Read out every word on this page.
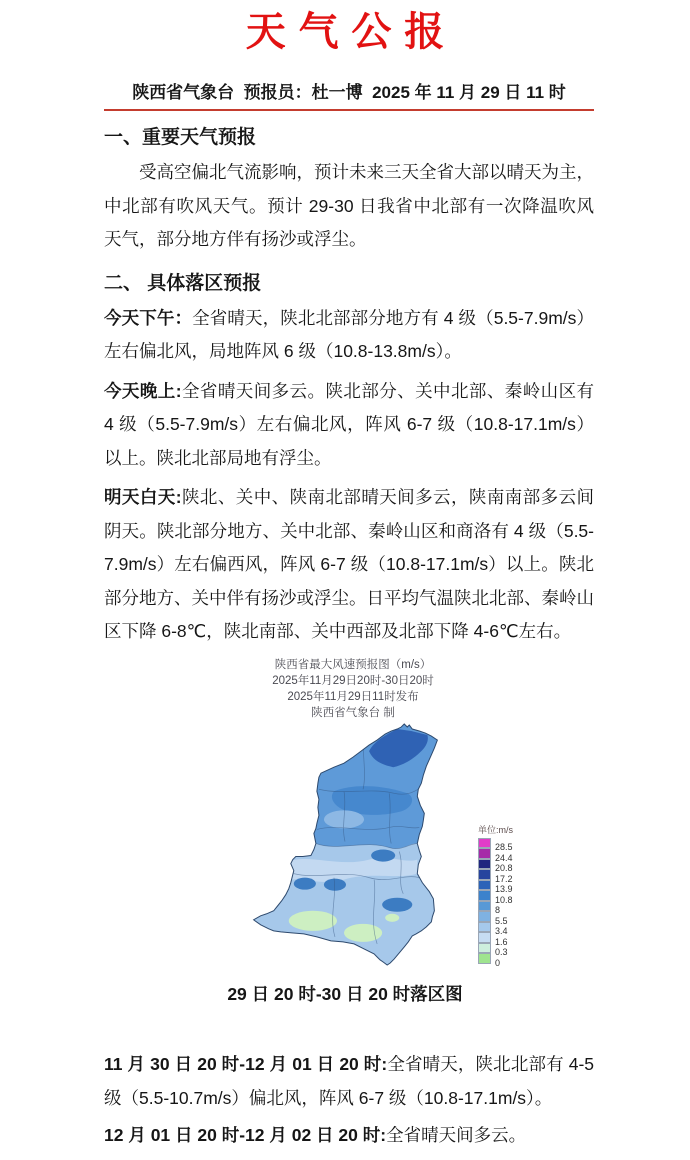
天气公报
陕西省气象台  预报员：杜一博  2025 年 11 月 29 日 11 时
一、重要天气预报
受高空偏北气流影响，预计未来三天全省大部以晴天为主，中北部有吹风天气。预计 29-30 日我省中北部有一次降温吹风天气，部分地方伴有扬沙或浮尘。
二、 具体落区预报
今天下午：全省晴天，陕北北部部分地方有 4 级（5.5-7.9m/s）左右偏北风，局地阵风 6 级（10.8-13.8m/s）。
今天晚上:全省晴天间多云。陕北部分、关中北部、秦岭山区有 4 级（5.5-7.9m/s）左右偏北风，阵风 6-7 级（10.8-17.1m/s）以上。陕北北部局地有浮尘。
明天白天:陕北、关中、陕南北部晴天间多云，陕南南部多云间阴天。陕北部分地方、关中北部、秦岭山区和商洛有 4 级（5.5-7.9m/s）左右偏西风，阵风 6-7 级（10.8-17.1m/s）以上。陕北部分地方、关中伴有扬沙或浮尘。日平均气温陕北北部、秦岭山区下降 6-8℃，陕北南部、关中西部及北部下降 4-6℃左右。
陕西省最大风速预报图（m/s）
2025年11月29日20时-30日20时
2025年11月29日11时发布
陕西省气象台 制
单位:m/s
28.5
24.4
20.8
17.2
13.9
10.8
8
5.5
3.4
1.6
0.3
0
29 日 20 时-30 日 20 时落区图
11 月 30 日 20 时-12 月 01 日 20 时:全省晴天，陕北北部有 4-5 级（5.5-10.7m/s）偏北风，阵风 6-7 级（10.8-17.1m/s）。
12 月 01 日 20 时-12 月 02 日 20 时:全省晴天间多云。
